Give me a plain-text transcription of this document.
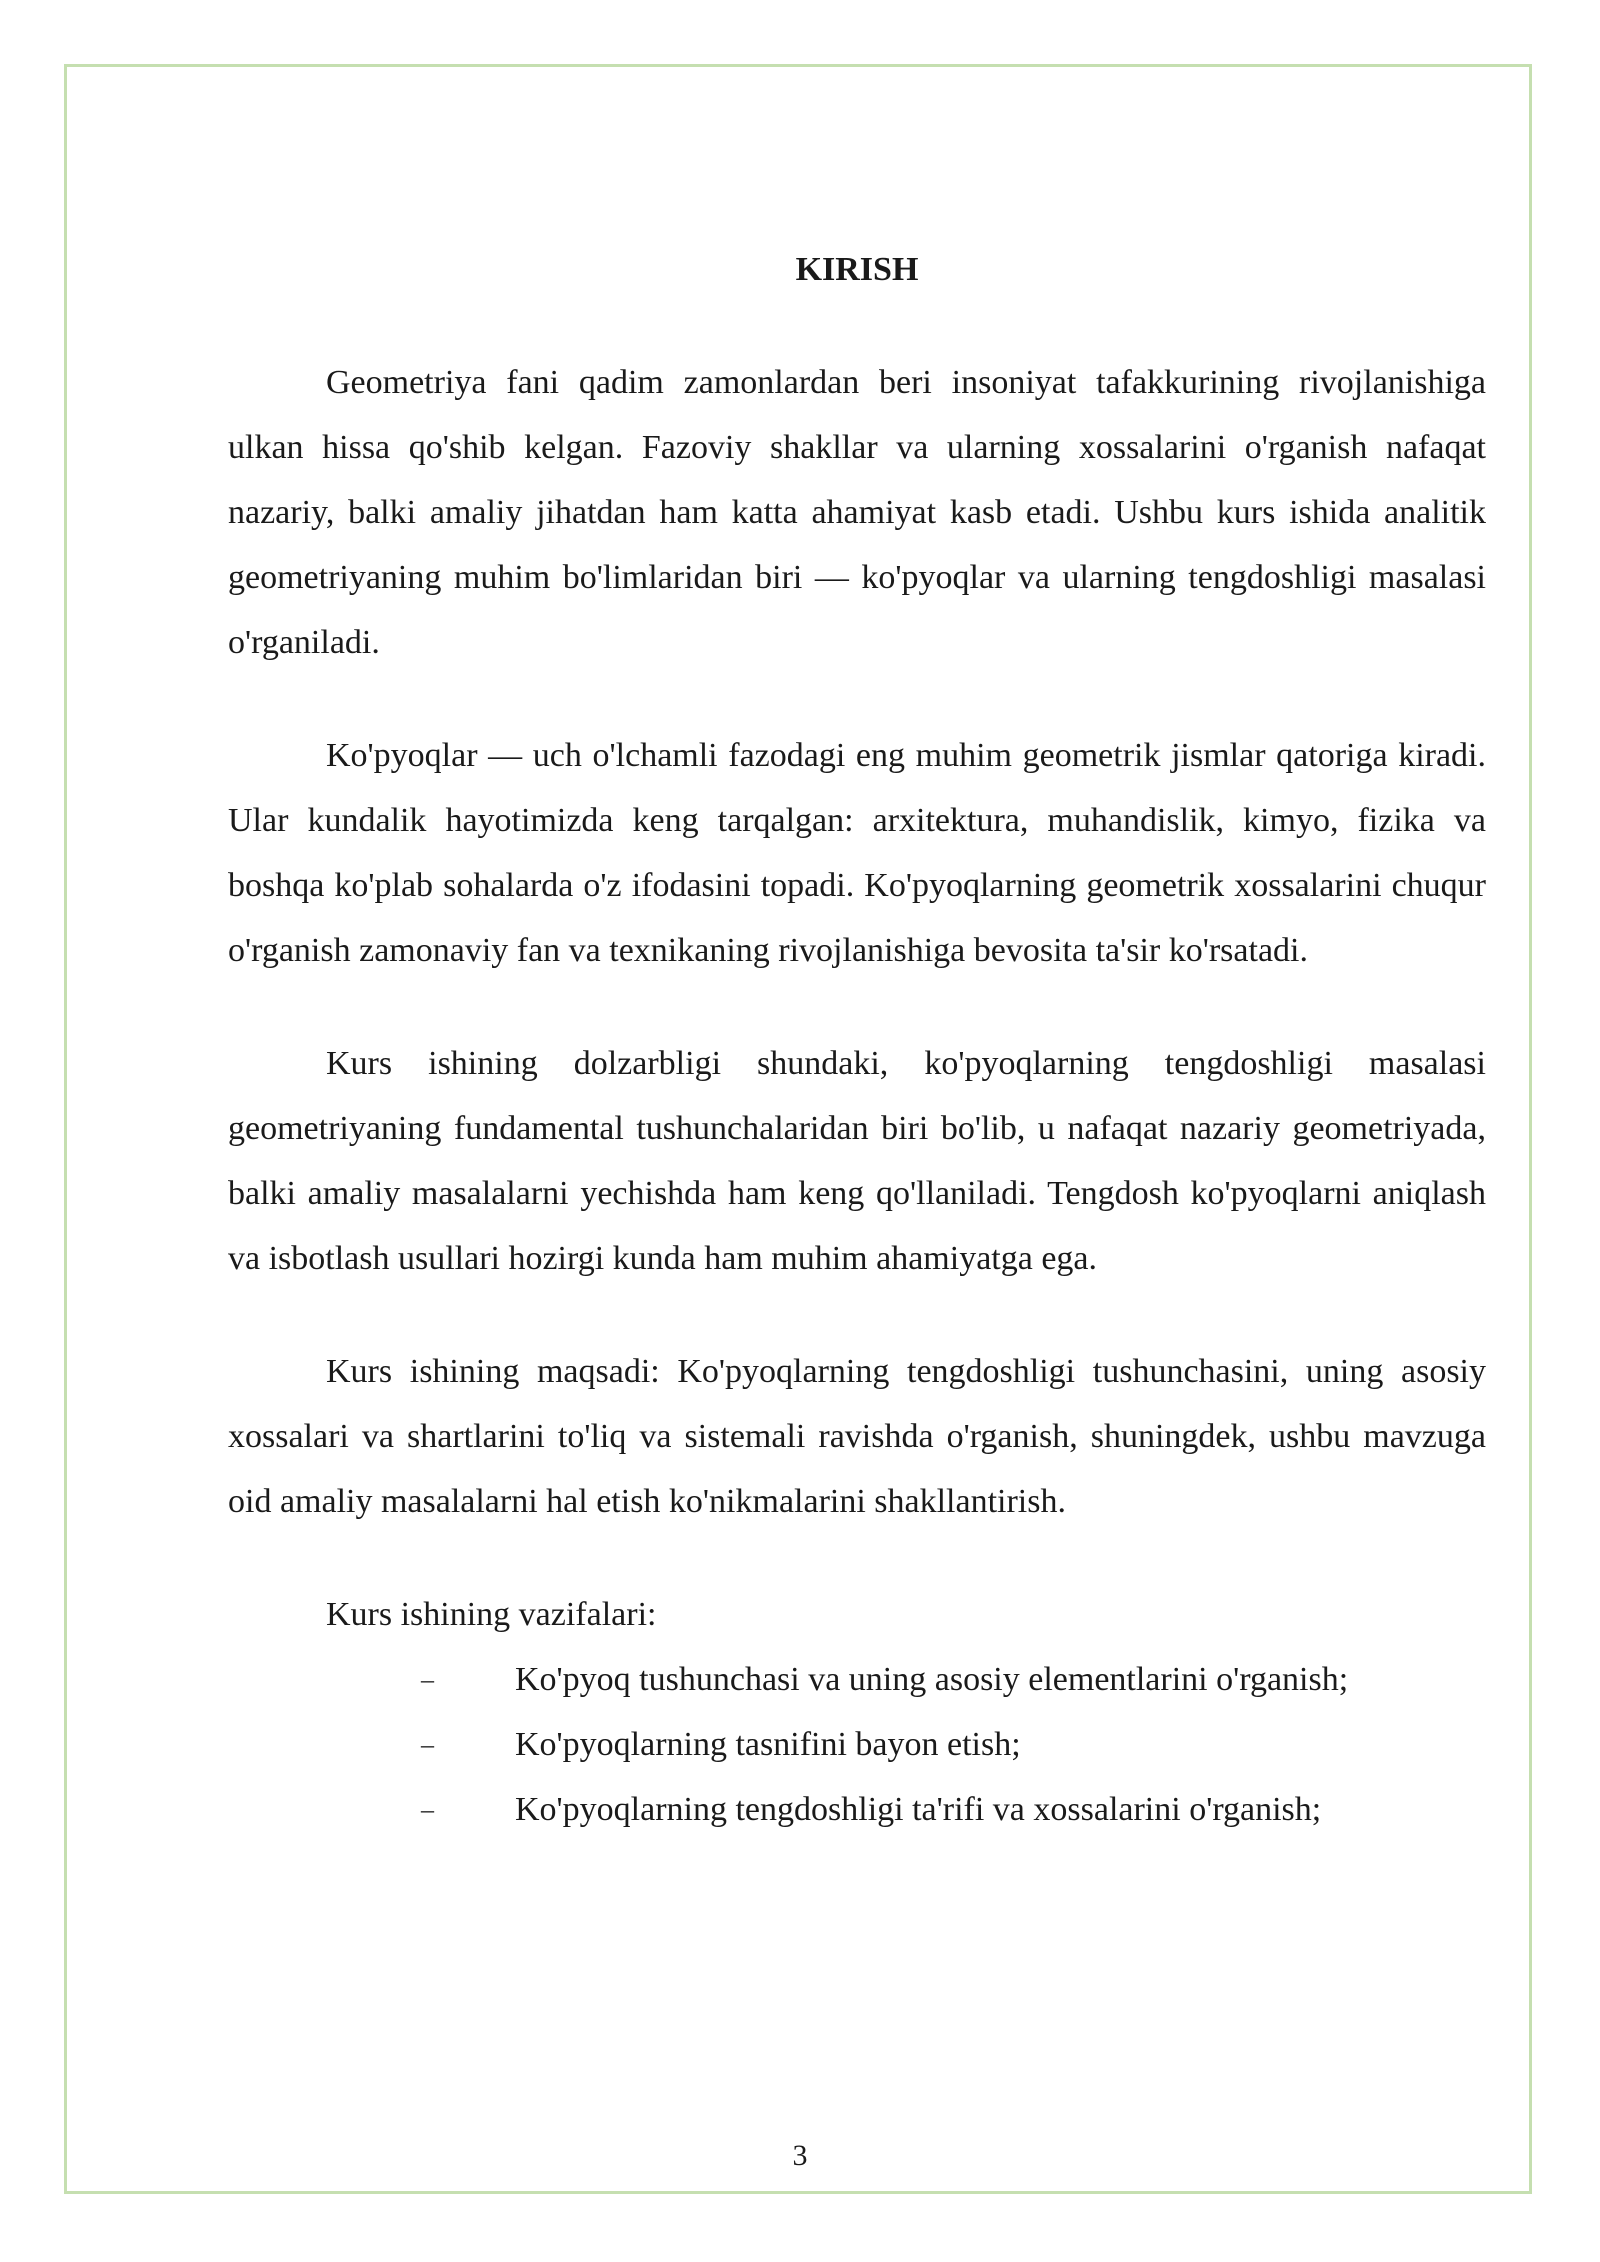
KIRISH

Geometriya fani qadim zamonlardan beri insoniyat tafakkurining rivojlanishiga ulkan hissa qo'shib kelgan. Fazoviy shakllar va ularning xossalarini o'rganish nafaqat nazariy, balki amaliy jihatdan ham katta ahamiyat kasb etadi. Ushbu kurs ishida analitik geometriyaning muhim bo'limlaridan biri — ko'pyoqlar va ularning tengdoshligi masalasi o'rganiladi.

Ko'pyoqlar — uch o'lchamli fazodagi eng muhim geometrik jismlar qatoriga kiradi. Ular kundalik hayotimizda keng tarqalgan: arxitektura, muhandislik, kimyo, fizika va boshqa ko'plab sohalarda o'z ifodasini topadi. Ko'pyoqlarning geometrik xossalarini chuqur o'rganish zamonaviy fan va texnikaning rivojlanishiga bevosita ta'sir ko'rsatadi.

Kurs ishining dolzarbligi shundaki, ko'pyoqlarning tengdoshligi masalasi geometriyaning fundamental tushunchalaridan biri bo'lib, u nafaqat nazariy geometriyada, balki amaliy masalalarni yechishda ham keng qo'llaniladi. Tengdosh ko'pyoqlarni aniqlash va isbotlash usullari hozirgi kunda ham muhim ahamiyatga ega.

Kurs ishining maqsadi: Ko'pyoqlarning tengdoshligi tushunchasini, uning asosiy xossalari va shartlarini to'liq va sistemali ravishda o'rganish, shuningdek, ushbu mavzuga oid amaliy masalalarni hal etish ko'nikmalarini shakllantirish.

Kurs ishining vazifalari:

– Ko'pyoq tushunchasi va uning asosiy elementlarini o'rganish;
– Ko'pyoqlarning tasnifini bayon etish;
– Ko'pyoqlarning tengdoshligi ta'rifi va xossalarini o'rganish;
3
